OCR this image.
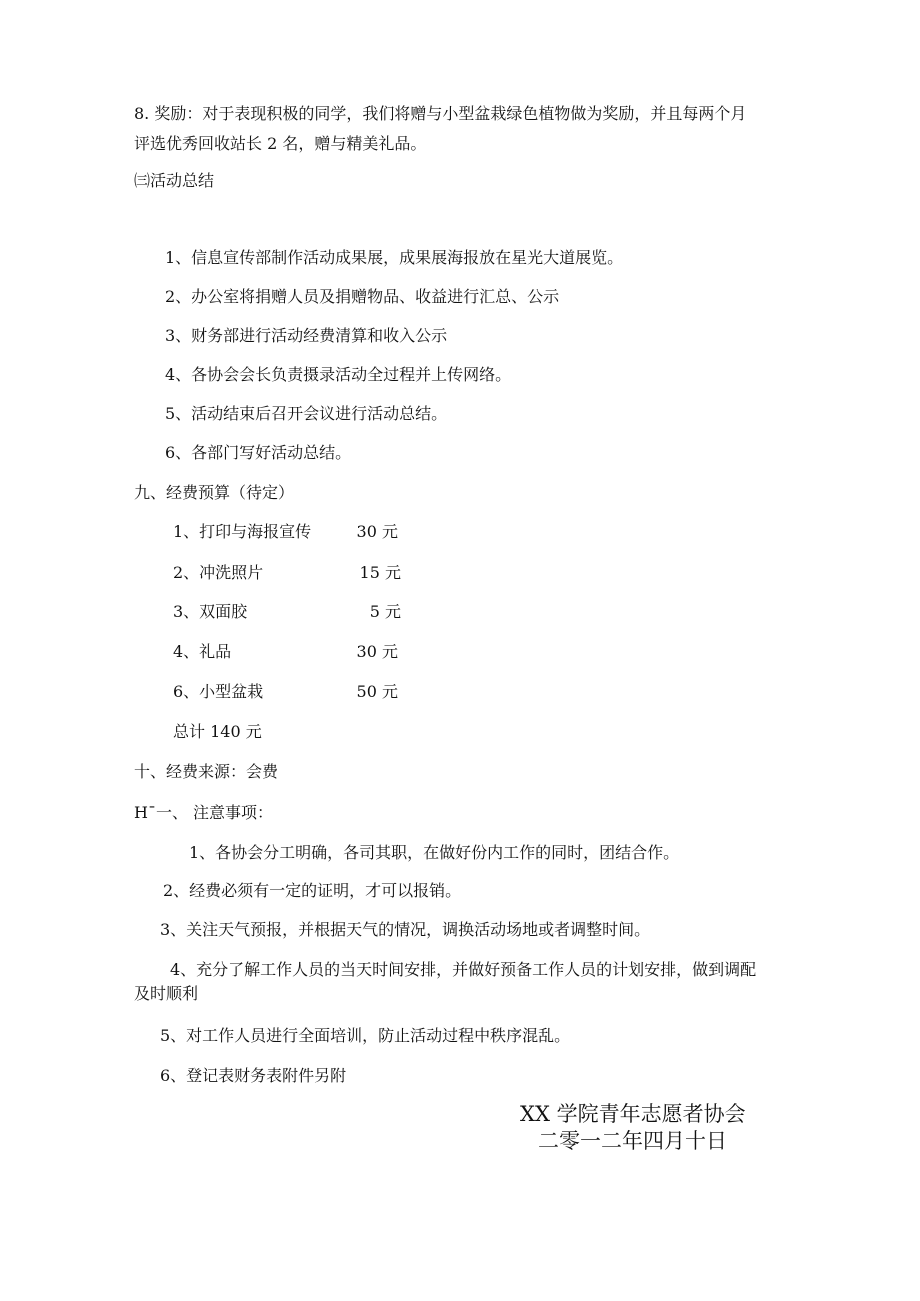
8. 奖励：对于表现积极的同学，我们将赠与小型盆栽绿色植物做为奖励，并且每两个月

评选优秀回收站长 2 名，赠与精美礼品。

㈢活动总结

1、信息宣传部制作活动成果展，成果展海报放在星光大道展览。

2、办公室将捐赠人员及捐赠物品、收益进行汇总、公示

3、财务部进行活动经费清算和收入公示

4、各协会会长负责摄录活动全过程并上传网络。

5、活动结束后召开会议进行活动总结。

6、各部门写好活动总结。

九、经费预算（待定）

1、打印与海报宣传	30 元

2、冲洗照片	15 元

3、双面胶	5 元

4、礼品	30 元

6、小型盆栽	50 元

总计 140 元

十、经费来源：会费

H¯一、 注意事项：

1、各协会分工明确，各司其职，在做好份内工作的同时，团结合作。

2、经费必须有一定的证明，才可以报销。

3、关注天气预报，并根据天气的情况，调换活动场地或者调整时间。

4、充分了解工作人员的当天时间安排，并做好预备工作人员的计划安排，做到调配

及时顺利

5、对工作人员进行全面培训，防止活动过程中秩序混乱。

6、登记表财务表附件另附

XX 学院青年志愿者协会
二零一二年四月十日
